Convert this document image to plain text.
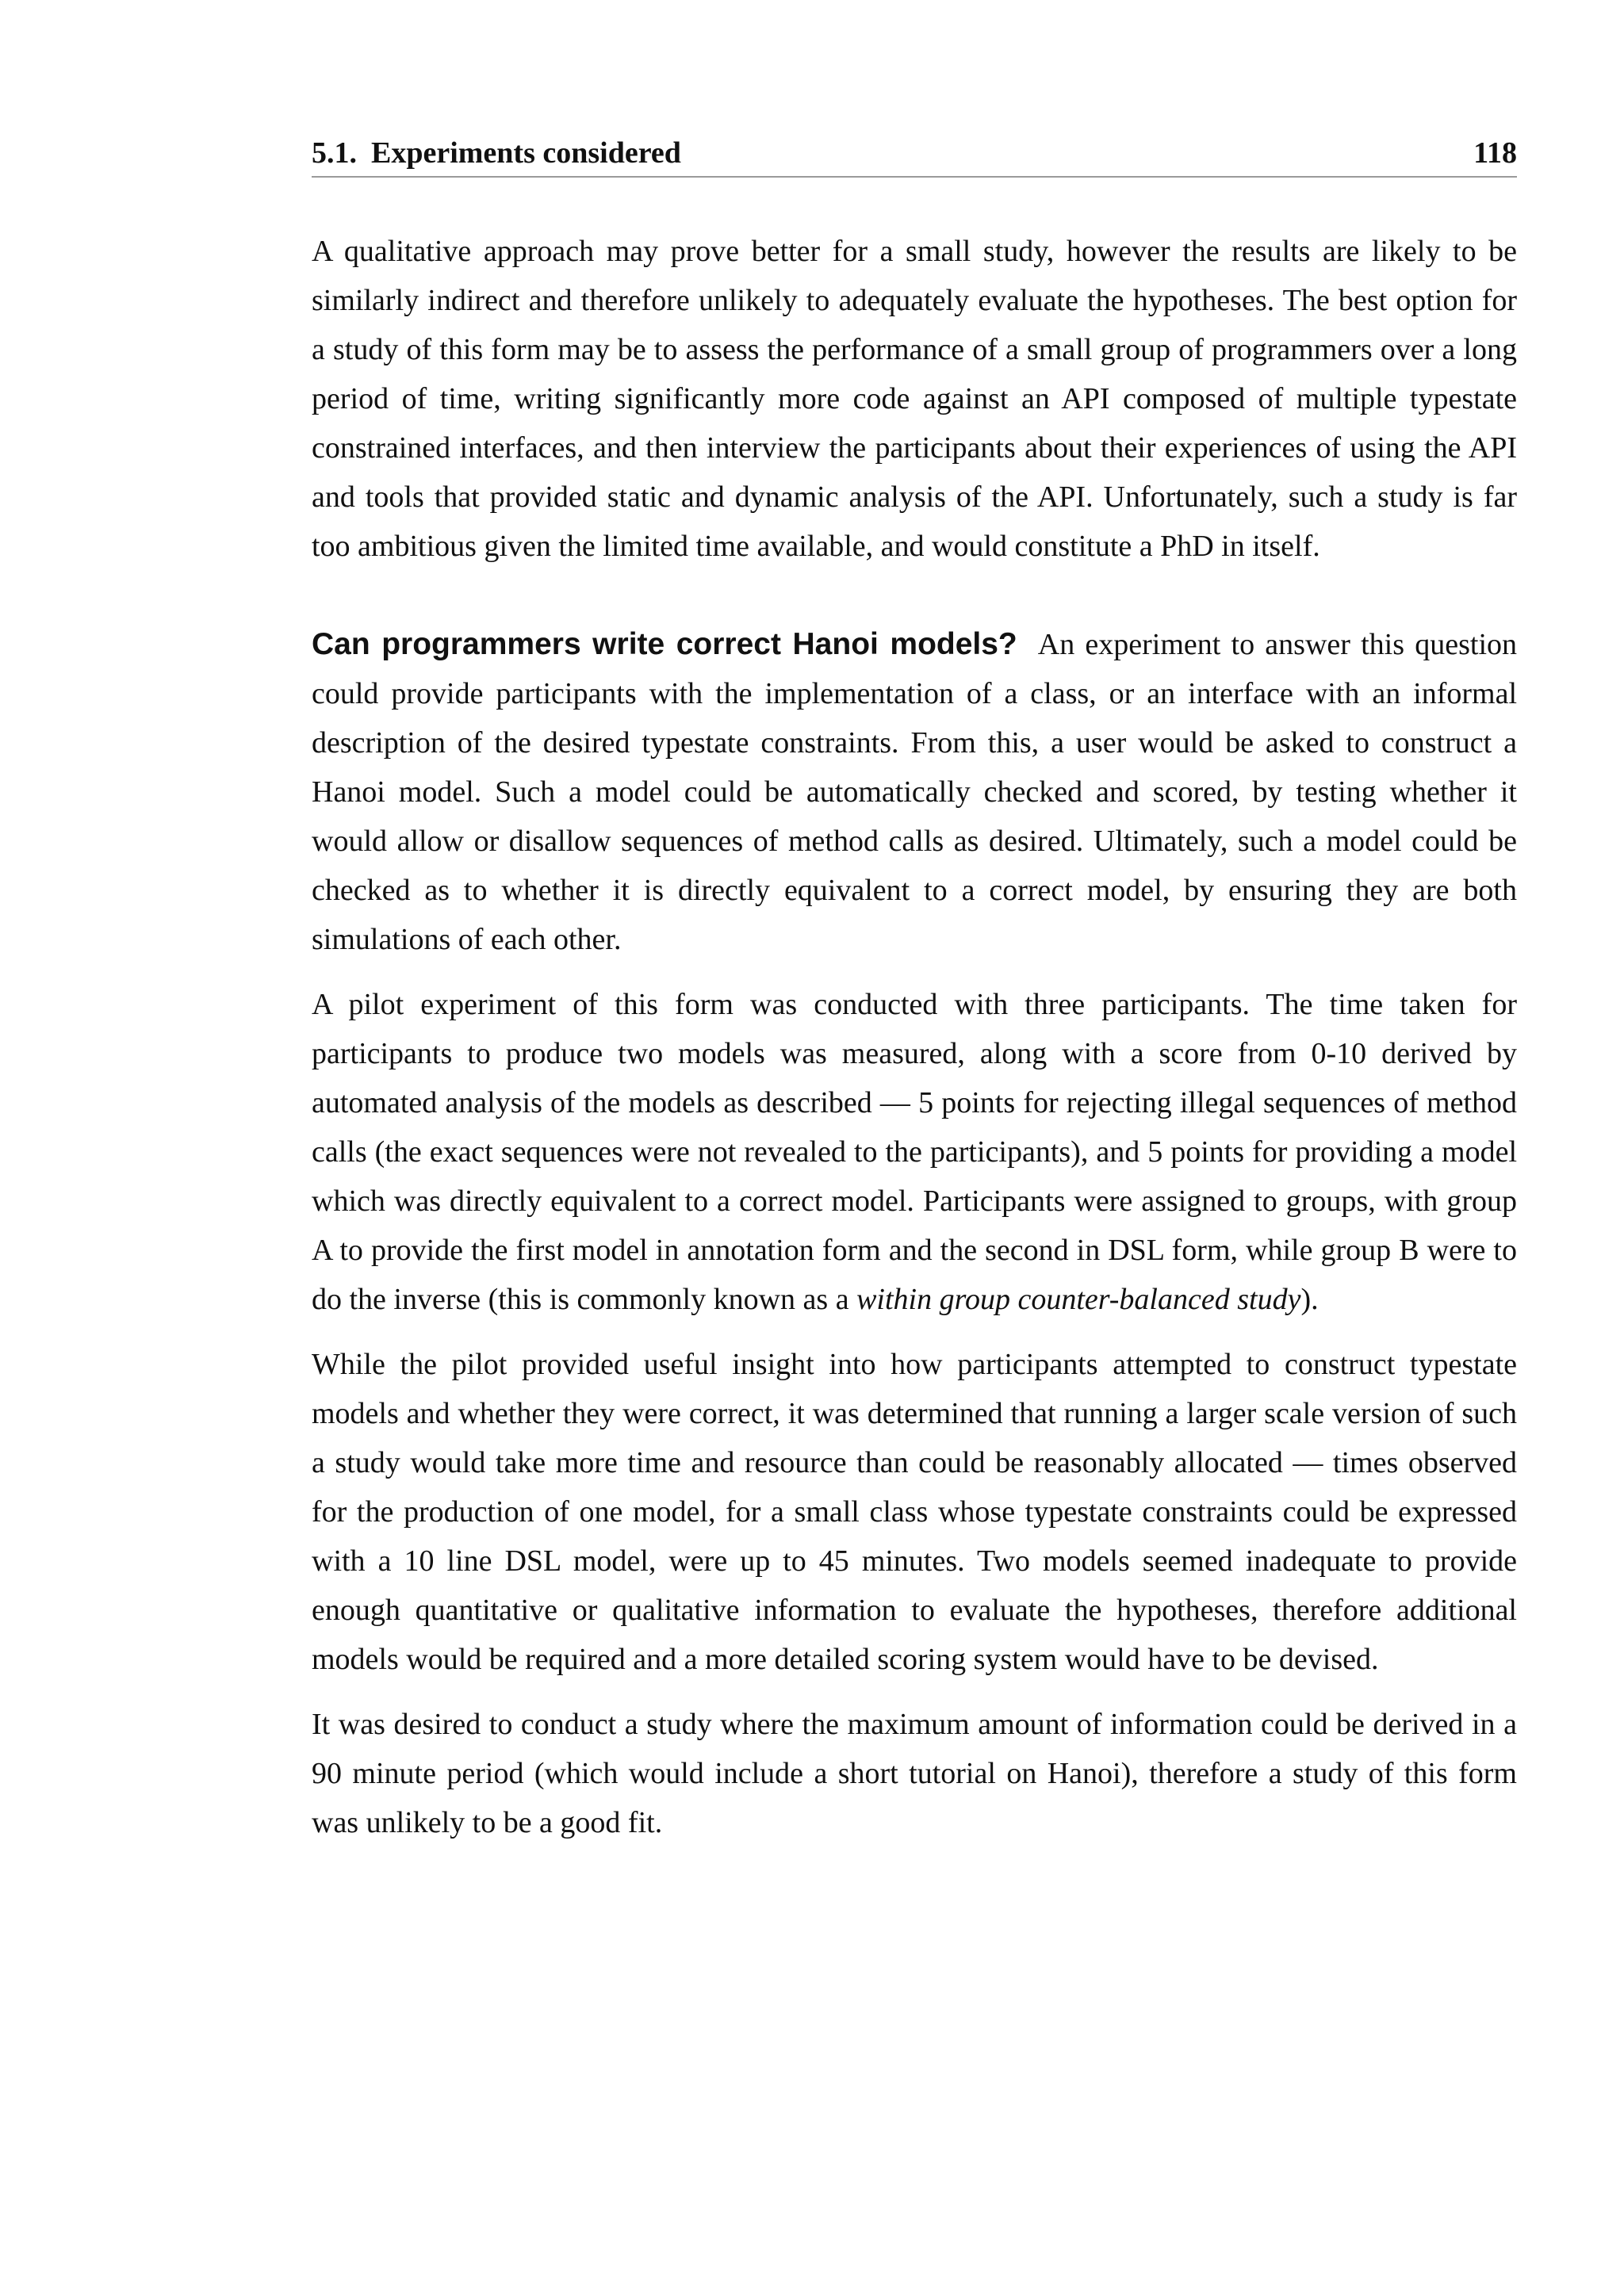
5.1. Experiments considered	118

A qualitative approach may prove better for a small study, however the results are likely to be similarly indirect and therefore unlikely to adequately evaluate the hypotheses. The best option for a study of this form may be to assess the performance of a small group of programmers over a long period of time, writing significantly more code against an API composed of multiple typestate constrained interfaces, and then interview the participants about their experiences of using the API and tools that provided static and dynamic analysis of the API. Unfortunately, such a study is far too ambitious given the limited time available, and would constitute a PhD in itself.

Can programmers write correct Hanoi models? An experiment to answer this question could provide participants with the implementation of a class, or an interface with an informal description of the desired typestate constraints. From this, a user would be asked to construct a Hanoi model. Such a model could be automatically checked and scored, by testing whether it would allow or disallow sequences of method calls as desired. Ultimately, such a model could be checked as to whether it is directly equivalent to a correct model, by ensuring they are both simulations of each other.

A pilot experiment of this form was conducted with three participants. The time taken for participants to produce two models was measured, along with a score from 0-10 derived by automated analysis of the models as described — 5 points for rejecting illegal sequences of method calls (the exact sequences were not revealed to the participants), and 5 points for providing a model which was directly equivalent to a correct model. Participants were assigned to groups, with group A to provide the first model in annotation form and the second in DSL form, while group B were to do the inverse (this is commonly known as a within group counter-balanced study).

While the pilot provided useful insight into how participants attempted to construct typestate models and whether they were correct, it was determined that running a larger scale version of such a study would take more time and resource than could be reasonably allocated — times observed for the production of one model, for a small class whose typestate constraints could be expressed with a 10 line DSL model, were up to 45 minutes. Two models seemed inadequate to provide enough quantitative or qualitative information to evaluate the hypotheses, therefore additional models would be required and a more detailed scoring system would have to be devised.

It was desired to conduct a study where the maximum amount of information could be derived in a 90 minute period (which would include a short tutorial on Hanoi), therefore a study of this form was unlikely to be a good fit.
